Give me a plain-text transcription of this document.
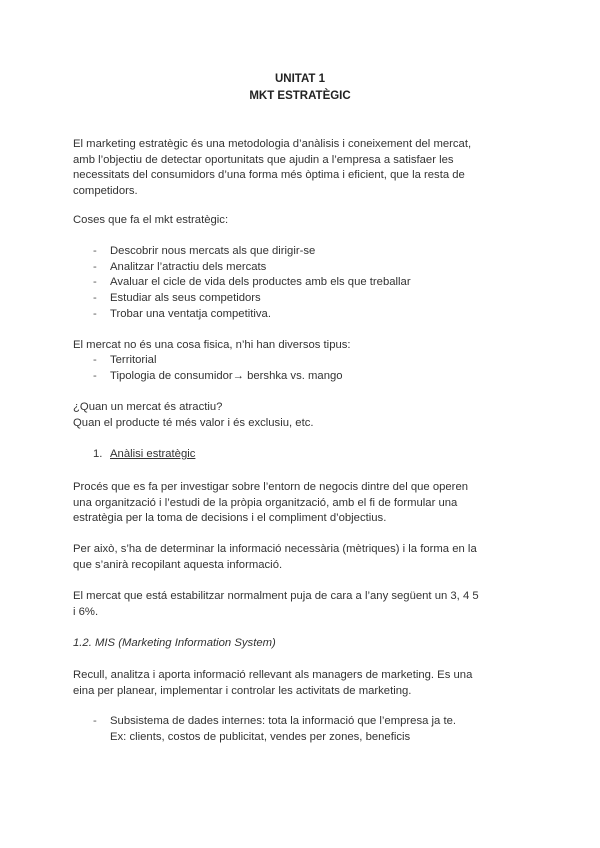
UNITAT 1
MKT ESTRATÈGIC
El marketing estratègic és una metodologia d’anàlisis i coneixement del mercat,
amb l’objectiu de detectar oportunitats que ajudin a l’empresa a satisfaer les
necessitats del consumidors d’una forma més òptima i eficient, que la resta de
competidors.
Coses que fa el mkt estratègic:
- Descobrir nous mercats als que dirigir-se
- Analitzar l’atractiu dels mercats
- Avaluar el cicle de vida dels productes amb els que treballar
- Estudiar als seus competidors
- Trobar una ventatja competitiva.
El mercat no és una cosa fisica, n’hi han diversos tipus:
- Territorial
- Tipologia de consumidor→ bershka vs. mango
¿Quan un mercat és atractiu?
Quan el producte té més valor i és exclusiu, etc.
1. Anàlisi estratègic
Procés que es fa per investigar sobre l’entorn de negocis dintre del que operen
una organització i l’estudi de la pròpia organització, amb el fi de formular una
estratègia per la toma de decisions i el compliment d’objectius.
Per això, s’ha de determinar la informació necessària (mètriques) i la forma en la
que s’anirà recopilant aquesta informació.
El mercat que está estabilitzar normalment puja de cara a l’any següent un 3, 4 5
i 6%.
1.2. MIS (Marketing Information System)
Recull, analitza i aporta informació rellevant als managers de marketing. Es una
eina per planear, implementar i controlar les activitats de marketing.
- Subsistema de dades internes: tota la informació que l’empresa ja te.
Ex: clients, costos de publicitat, vendes per zones, beneficis
